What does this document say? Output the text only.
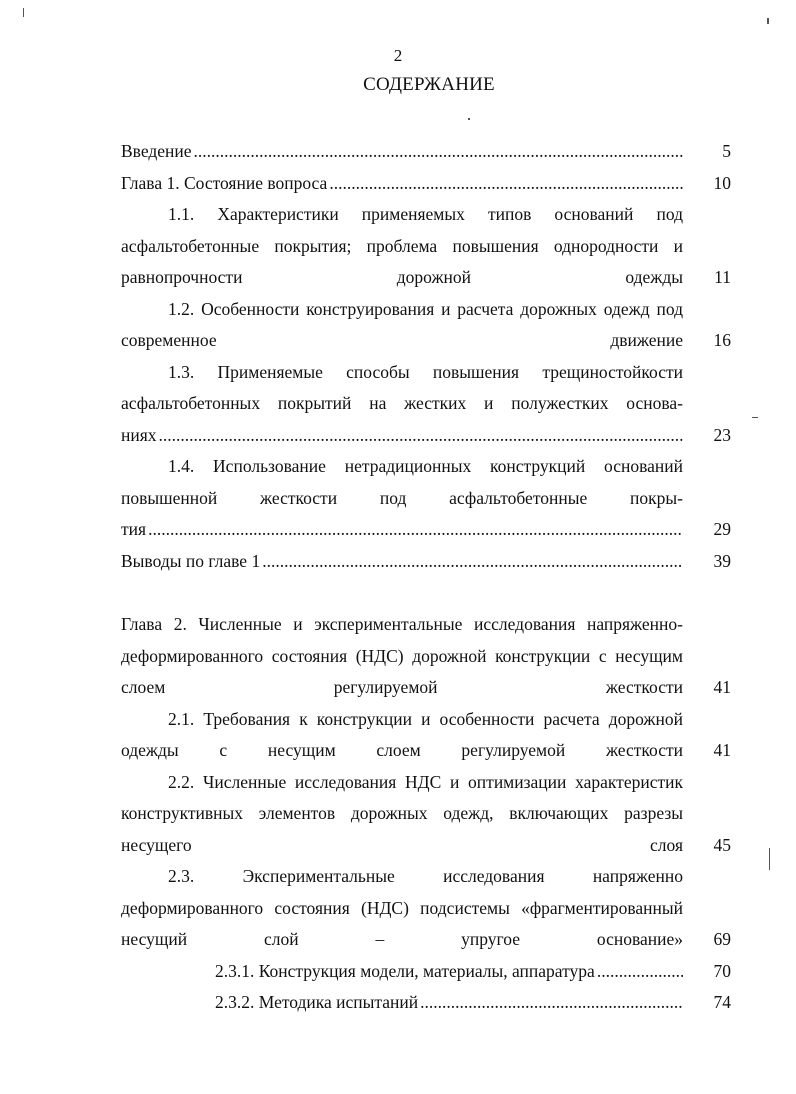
2
СОДЕРЖАНИЕ
Введение .....	5
Глава 1. Состояние вопроса .....	10
1.1. Характеристики применяемых типов оснований под асфальтобетонные покрытия; проблема повышения однородности и равнопрочности дорожной одежды	11
1.2. Особенности конструирования и расчета дорожных одежд под современное движение	16
1.3. Применяемые способы повышения трещиностойкости асфальтобетонных покрытий на жестких и полужестких основа-
ниях .....	23
1.4. Использование нетрадиционных конструкций оснований повышенной жесткости под асфальтобетонные покры-
тия .....	29
Выводы по главе 1 .....	39
Глава 2. Численные и экспериментальные исследования напряженно-деформированного состояния (НДС) дорожной конструкции с несущим слоем регулируемой жесткости	41
2.1. Требования к конструкции и особенности расчета дорожной одежды с несущим слоем регулируемой жесткости	41
2.2. Численные исследования НДС и оптимизации характеристик конструктивных элементов дорожных одежд, включающих разрезы несущего слоя	45
2.3. Экспериментальные исследования напряженно деформированного состояния (НДС) подсистемы «фрагментированный несущий слой – упругое основание»	69
2.3.1. Конструкция модели, материалы, аппаратура .....	70
2.3.2. Методика испытаний .....	74
